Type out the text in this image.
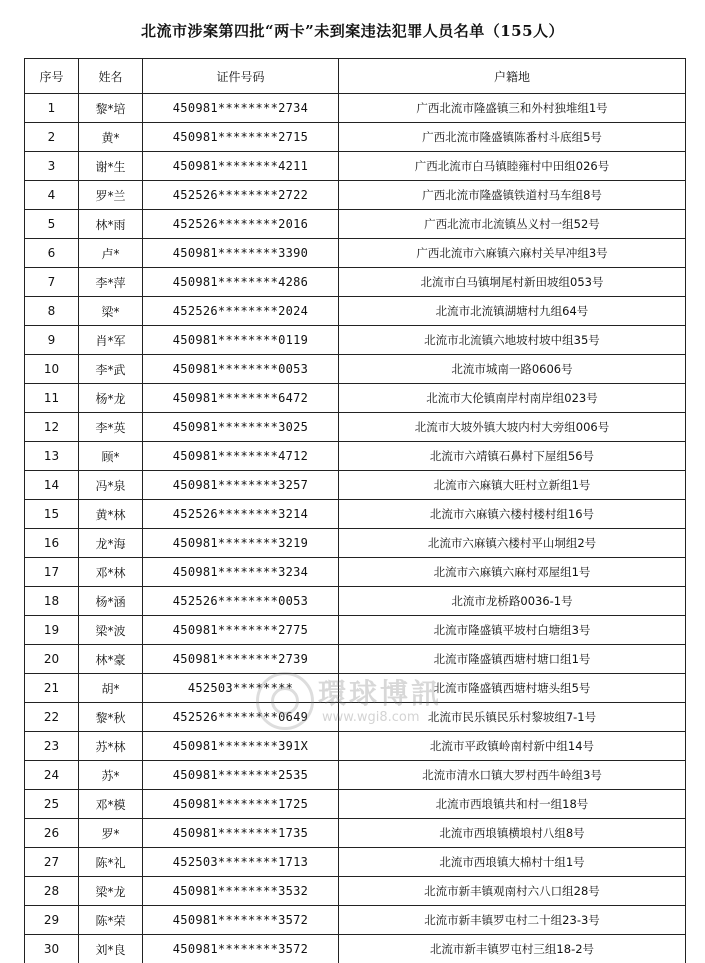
北流市涉案第四批“两卡”未到案违法犯罪人员名单（155人）
序号	姓名	证件号码	户籍地
1	黎*培	450981********2734	广西北流市隆盛镇三和外村独堆组1号
2	黄*	450981********2715	广西北流市隆盛镇陈番村斗底组5号
3	谢*生	450981********4211	广西北流市白马镇睦雍村中田组026号
4	罗*兰	452526********2722	广西北流市隆盛镇铁道村马车组8号
5	林*雨	452526********2016	广西北流市北流镇丛义村一组52号
6	卢*	450981********3390	广西北流市六麻镇六麻村关早冲组3号
7	李*萍	450981********4286	北流市白马镇垌尾村新田坡组053号
8	梁*	452526********2024	北流市北流镇湖塘村九组64号
9	肖*军	450981********0119	北流市北流镇六地坡村坡中组35号
10	李*武	450981********0053	北流市城南一路0606号
11	杨*龙	450981********6472	北流市大伦镇南岸村南岸组023号
12	李*英	450981********3025	北流市大坡外镇大坡内村大旁组006号
13	顾*	450981********4712	北流市六靖镇石鼻村下屋组56号
14	冯*泉	450981********3257	北流市六麻镇大旺村立新组1号
15	黄*林	452526********3214	北流市六麻镇六楼村楼村组16号
16	龙*海	450981********3219	北流市六麻镇六楼村平山垌组2号
17	邓*林	450981********3234	北流市六麻镇六麻村邓屋组1号
18	杨*涵	452526********0053	北流市龙桥路0036-1号
19	梁*波	450981********2775	北流市隆盛镇平坡村白塘组3号
20	林*豪	450981********2739	北流市隆盛镇西塘村塘口组1号
21	胡*	452503********	北流市隆盛镇西塘村塘头组5号
22	黎*秋	452526********0649	北流市民乐镇民乐村黎坡组7-1号
23	苏*林	450981********391X	北流市平政镇岭南村新中组14号
24	苏*	450981********2535	北流市清水口镇大罗村西牛岭组3号
25	邓*模	450981********1725	北流市西埌镇共和村一组18号
26	罗*	450981********1735	北流市西埌镇横埌村八组8号
27	陈*礼	452503********1713	北流市西埌镇大棉村十组1号
28	梁*龙	450981********3532	北流市新丰镇观南村六八口组28号
29	陈*荣	450981********3572	北流市新丰镇罗屯村二十组23-3号
30	刘*良	450981********3572	北流市新丰镇罗屯村三组18-2号
環球博訊
www.wgi8.com
